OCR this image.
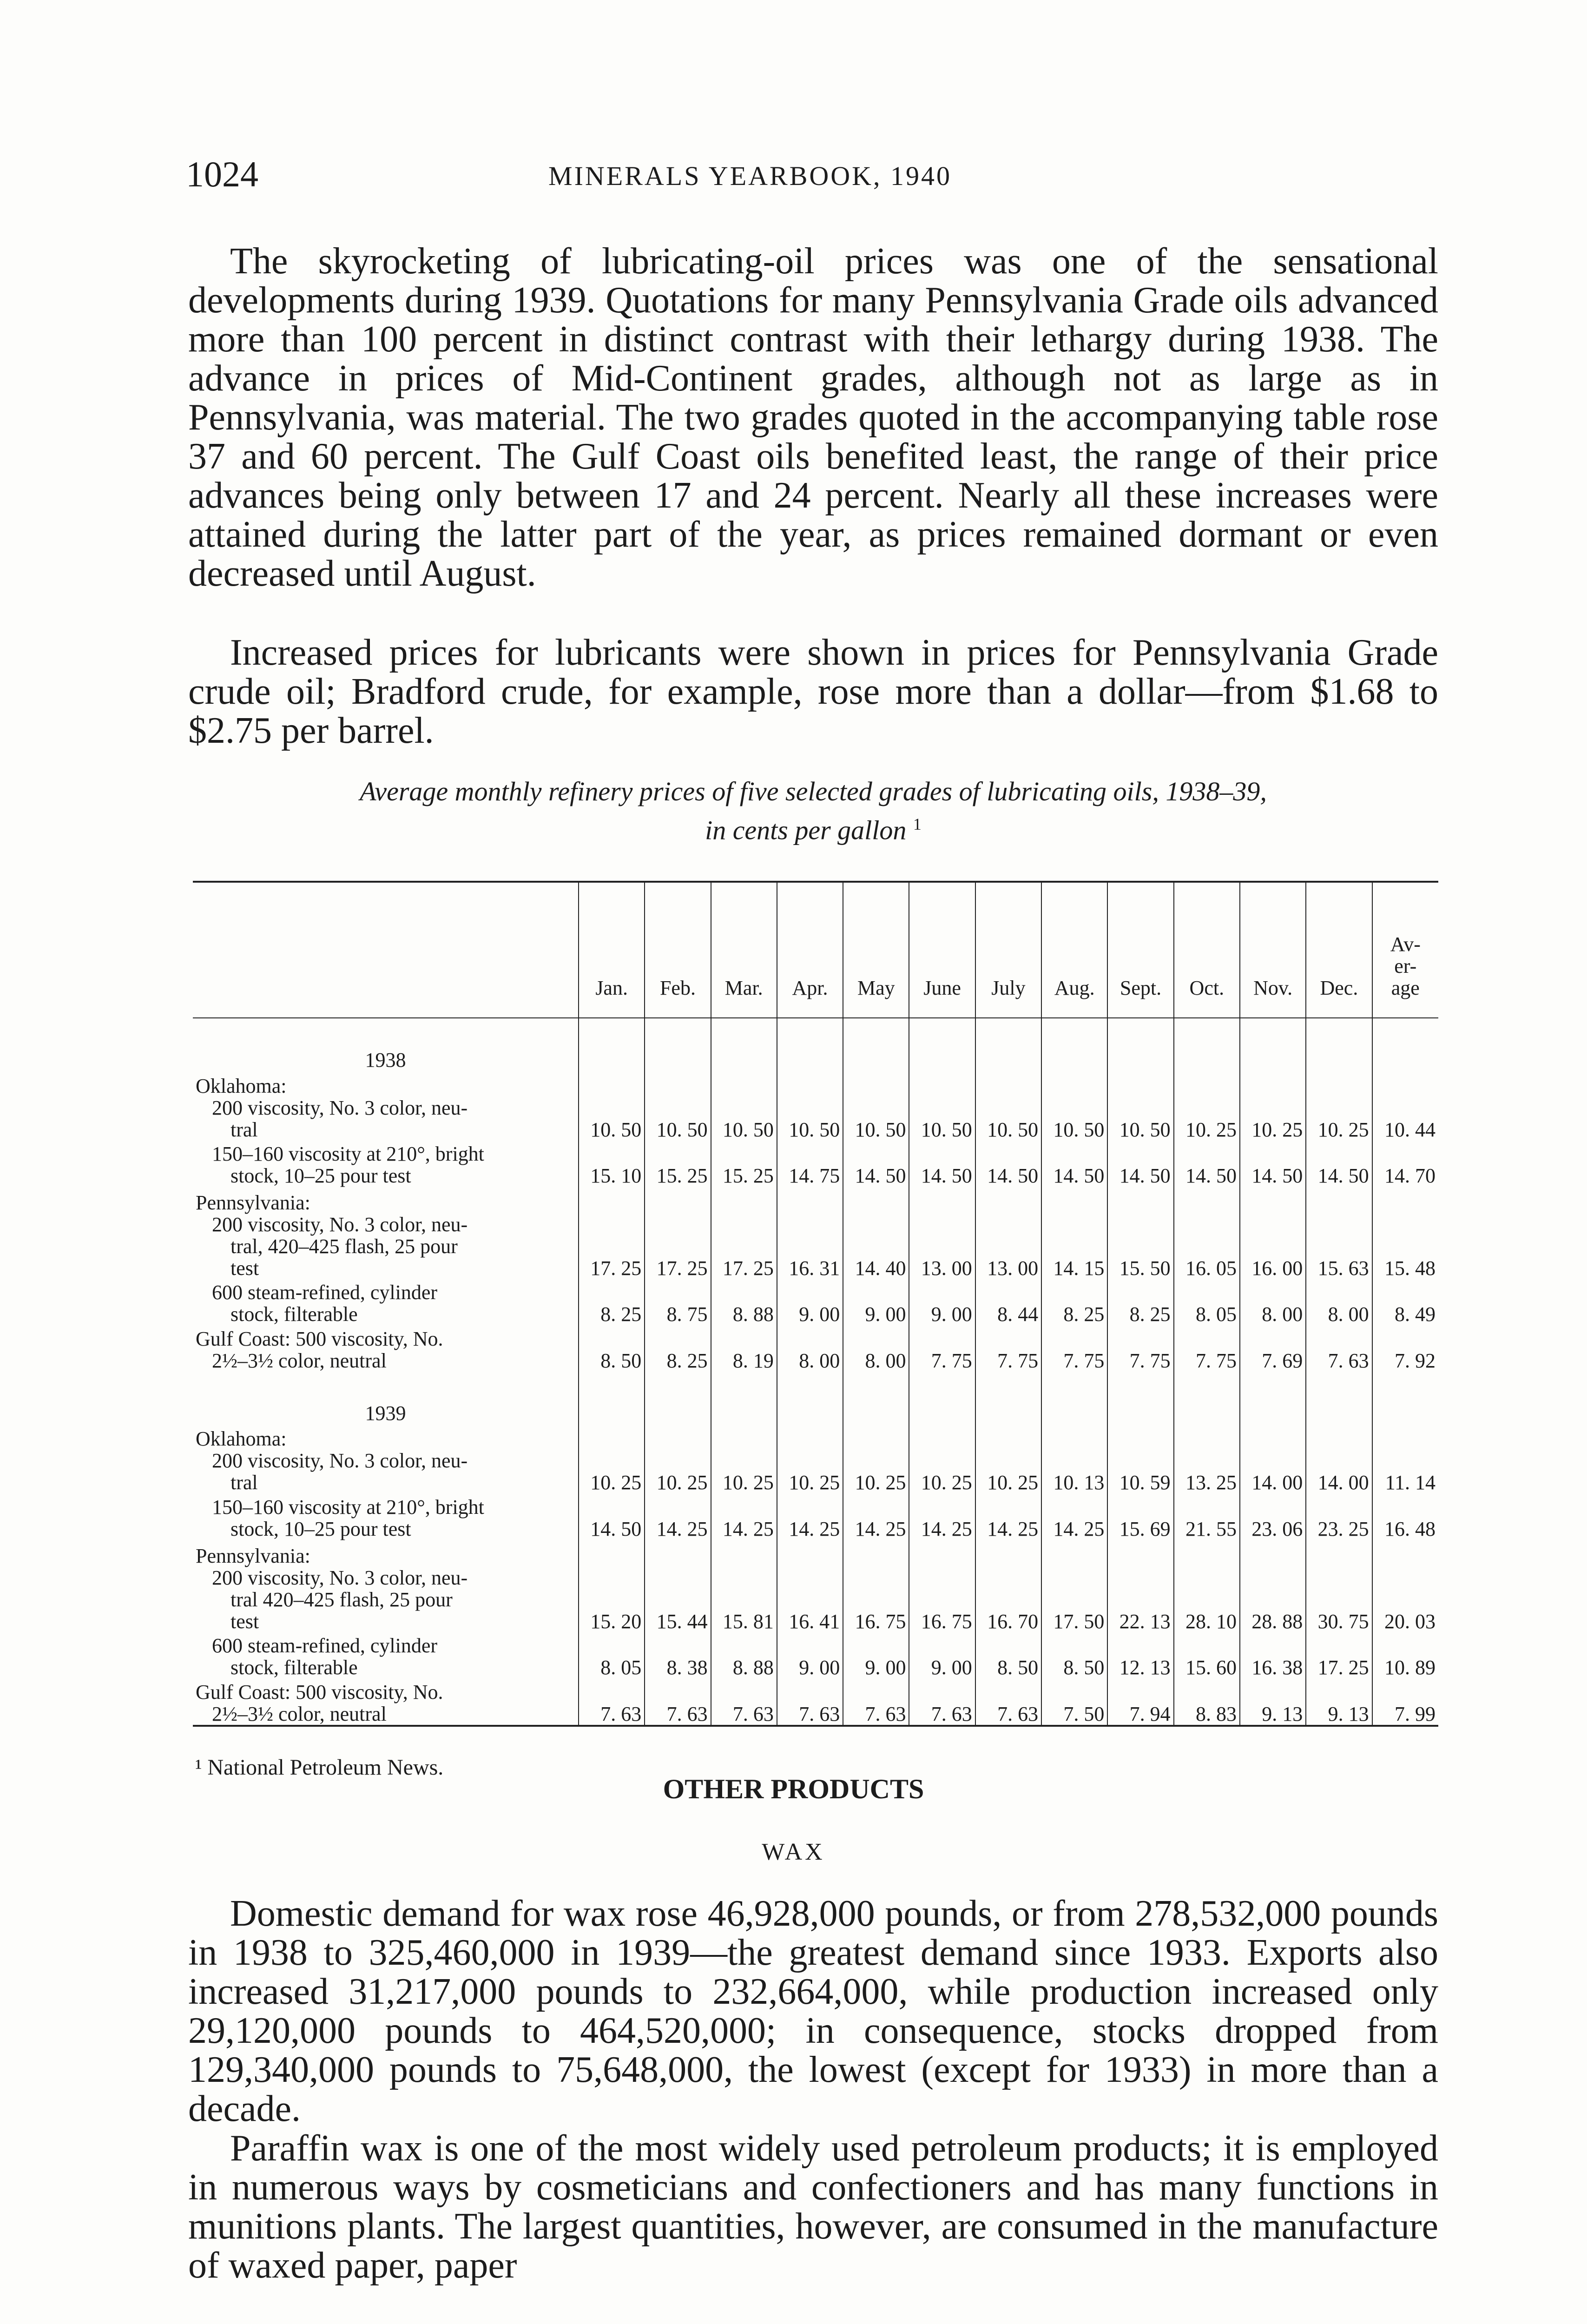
1024	MINERALS YEARBOOK, 1940

The skyrocketing of lubricating-oil prices was one of the sensational developments during 1939. Quotations for many Pennsylvania Grade oils advanced more than 100 percent in distinct contrast with their lethargy during 1938. The advance in prices of Mid-Continent grades, although not as large as in Pennsylvania, was material. The two grades quoted in the accompanying table rose 37 and 60 percent. The Gulf Coast oils benefited least, the range of their price advances being only between 17 and 24 percent. Nearly all these increases were attained during the latter part of the year, as prices remained dormant or even decreased until August.

Increased prices for lubricants were shown in prices for Pennsylvania Grade crude oil; Bradford crude, for example, rose more than a dollar—from $1.68 to $2.75 per barrel.

Average monthly refinery prices of five selected grades of lubricating oils, 1938–39,
in cents per gallon $^1$
	Jan.	Feb.	Mar.	Apr.	May	June	July	Aug.	Sept.	Oct.	Nov.	Dec.	Av- er- age
1938													

Oklahoma:
200 viscosity, No. 3 color, neu-
tral	10. 50	10. 50	10. 50	10. 50	10. 50	10. 50	10. 50	10. 50	10. 50	10. 25	10. 25	10. 25	10. 44

150–160 viscosity at 210°, bright
stock, 10–25 pour test	15. 10	15. 25	15. 25	14. 75	14. 50	14. 50	14. 50	14. 50	14. 50	14. 50	14. 50	14. 50	14. 70

Pennsylvania:
200 viscosity, No. 3 color, neu-
tral, 420–425 flash, 25 pour
test	17. 25	17. 25	17. 25	16. 31	14. 40	13. 00	13. 00	14. 15	15. 50	16. 05	16. 00	15. 63	15. 48

600 steam-refined, cylinder
stock, filterable	8. 25	8. 75	8. 88	9. 00	9. 00	9. 00	8. 44	8. 25	8. 25	8. 05	8. 00	8. 00	8. 49

Gulf Coast: 500 viscosity, No.
2½–3½ color, neutral	8. 50	8. 25	8. 19	8. 00	8. 00	7. 75	7. 75	7. 75	7. 75	7. 75	7. 69	7. 63	7. 92
1939													

Oklahoma:
200 viscosity, No. 3 color, neu-
tral	10. 25	10. 25	10. 25	10. 25	10. 25	10. 25	10. 25	10. 13	10. 59	13. 25	14. 00	14. 00	11. 14

150–160 viscosity at 210°, bright
stock, 10–25 pour test	14. 50	14. 25	14. 25	14. 25	14. 25	14. 25	14. 25	14. 25	15. 69	21. 55	23. 06	23. 25	16. 48

Pennsylvania:
200 viscosity, No. 3 color, neu-
tral 420–425 flash, 25 pour
test	15. 20	15. 44	15. 81	16. 41	16. 75	16. 75	16. 70	17. 50	22. 13	28. 10	28. 88	30. 75	20. 03

600 steam-refined, cylinder
stock, filterable	8. 05	8. 38	8. 88	9. 00	9. 00	9. 00	8. 50	8. 50	12. 13	15. 60	16. 38	17. 25	10. 89

Gulf Coast: 500 viscosity, No.
2½–3½ color, neutral	7. 63	7. 63	7. 63	7. 63	7. 63	7. 63	7. 63	7. 50	7. 94	8. 83	9. 13	9. 13	7. 99
¹ National Petroleum News.
OTHER PRODUCTS
WAX

Domestic demand for wax rose 46,928,000 pounds, or from 278,532,000 pounds in 1938 to 325,460,000 in 1939—the greatest demand since 1933. Exports also increased 31,217,000 pounds to 232,664,000, while production increased only 29,120,000 pounds to 464,520,000; in consequence, stocks dropped from 129,340,000 pounds to 75,648,000, the lowest (except for 1933) in more than a decade.

Paraffin wax is one of the most widely used petroleum products; it is employed in numerous ways by cosmeticians and confectioners and has many functions in munitions plants. The largest quantities, however, are consumed in the manufacture of waxed paper, paper
